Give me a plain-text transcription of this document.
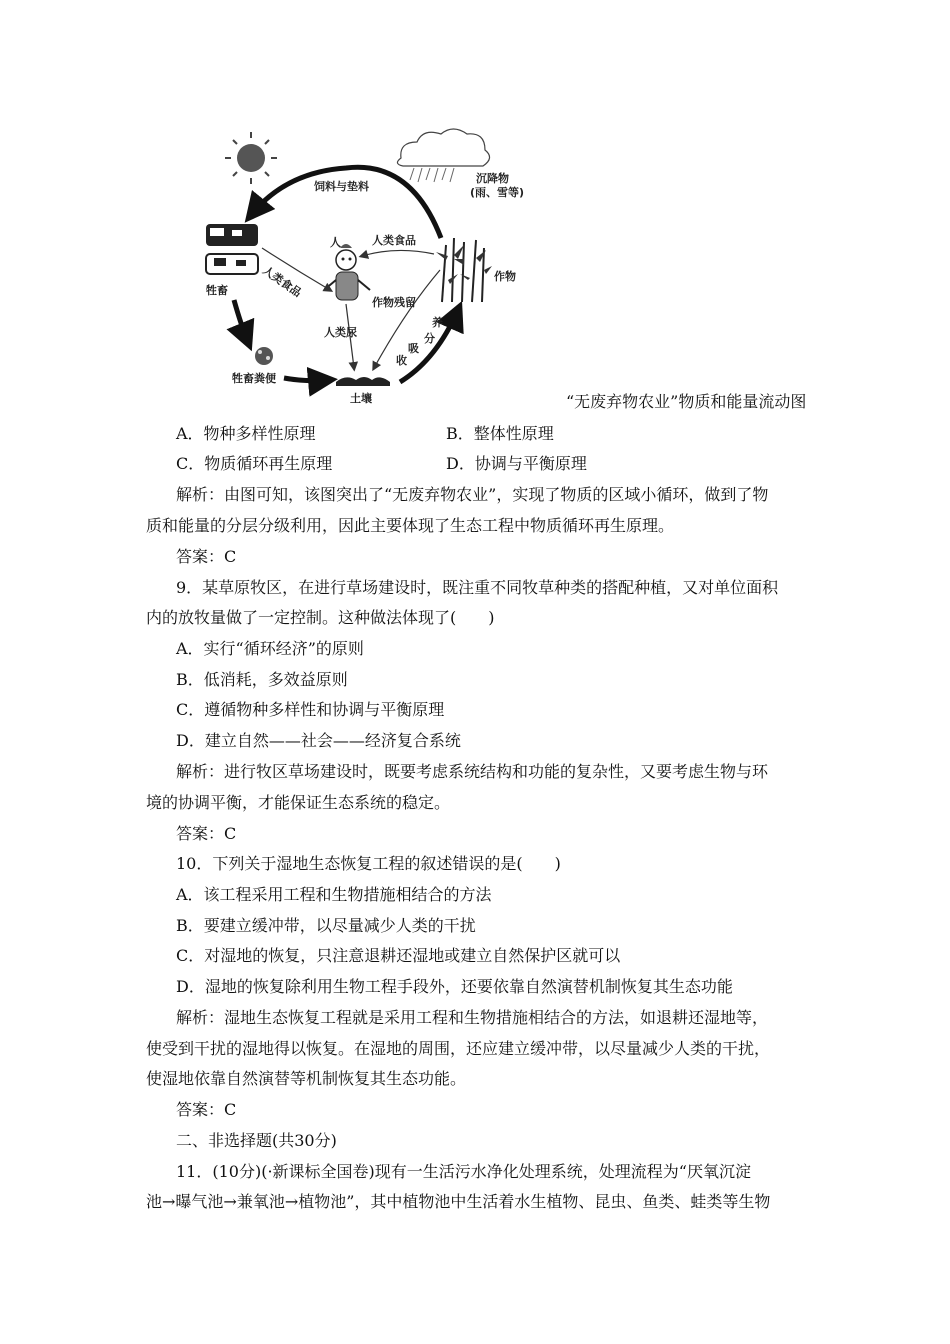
沉降物
(雨、雪等)
饲料与垫料
牲畜
牲畜粪便
土壤
养
分
吸
收
作物
人	人类食品
人类食品
作物残留
人类尿
“无废弃物农业”物质和能量流动图
A．物种多样性原理	B．整体性原理
C．物质循环再生原理	D．协调与平衡原理
解析：由图可知，该图突出了“无废弃物农业”，实现了物质的区域小循环，做到了物
质和能量的分层分级利用，因此主要体现了生态工程中物质循环再生原理。
答案：C
9．某草原牧区，在进行草场建设时，既注重不同牧草种类的搭配种植，又对单位面积
内的放牧量做了一定控制。这种做法体现了(　　)
A．实行“循环经济”的原则
B．低消耗，多效益原则
C．遵循物种多样性和协调与平衡原理
D．建立自然——社会——经济复合系统
解析：进行牧区草场建设时，既要考虑系统结构和功能的复杂性，又要考虑生物与环
境的协调平衡，才能保证生态系统的稳定。
答案：C
10．下列关于湿地生态恢复工程的叙述错误的是(　　)
A．该工程采用工程和生物措施相结合的方法
B．要建立缓冲带，以尽量减少人类的干扰
C．对湿地的恢复，只注意退耕还湿地或建立自然保护区就可以
D．湿地的恢复除利用生物工程手段外，还要依靠自然演替机制恢复其生态功能
解析：湿地生态恢复工程就是采用工程和生物措施相结合的方法，如退耕还湿地等，
使受到干扰的湿地得以恢复。在湿地的周围，还应建立缓冲带，以尽量减少人类的干扰，
使湿地依靠自然演替等机制恢复其生态功能。
答案：C
二、非选择题(共30分)
11．(10分)(·新课标全国卷)现有一生活污水净化处理系统，处理流程为“厌氧沉淀
池→曝气池→兼氧池→植物池”，其中植物池中生活着水生植物、昆虫、鱼类、蛙类等生物
